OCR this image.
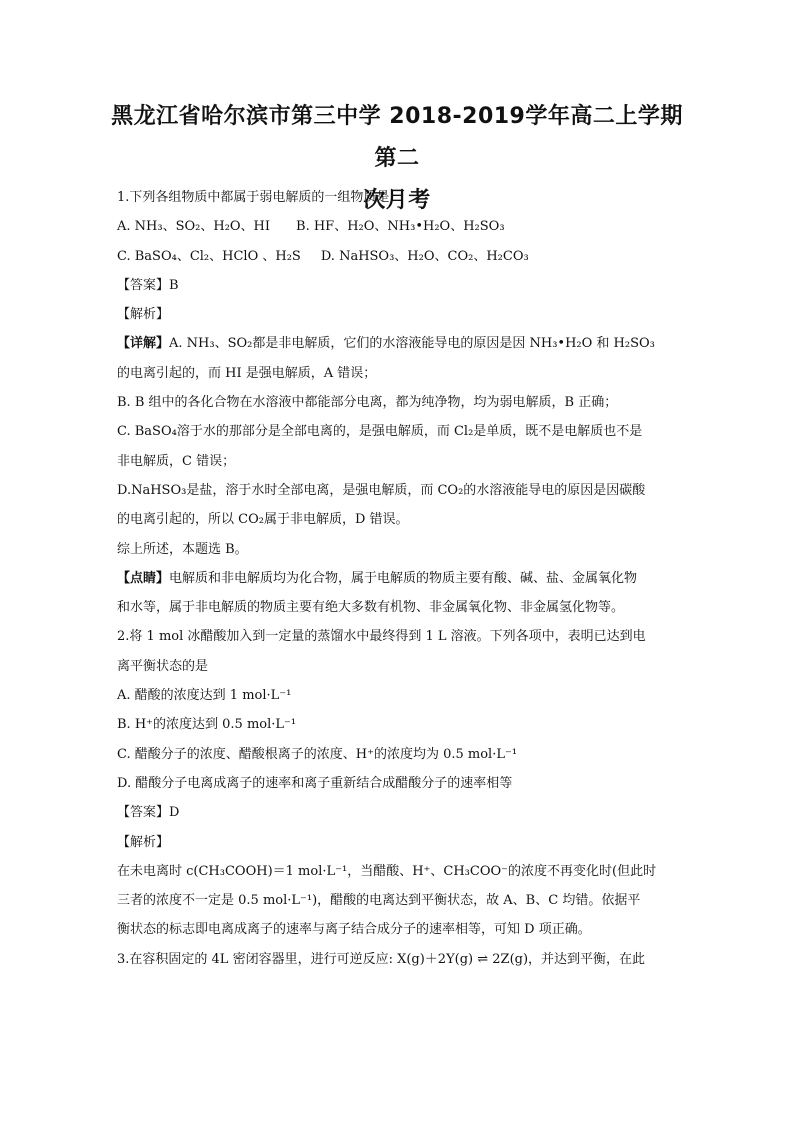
黑龙江省哈尔滨市第三中学 2018-2019学年高二上学期第二
次月考
1.下列各组物质中都属于弱电解质的一组物质是
A. NH₃、SO₂、H₂O、HI B. HF、H₂O、NH₃•H₂O、H₂SO₃
C. BaSO₄、Cl₂、HClO 、H₂S D. NaHSO₃、H₂O、CO₂、H₂CO₃
【答案】B
【解析】
【详解】A. NH₃、SO₂都是非电解质，它们的水溶液能导电的原因是因 NH₃•H₂O 和 H₂SO₃
的电离引起的，而 HI 是强电解质，A 错误；
B. B 组中的各化合物在水溶液中都能部分电离，都为纯净物，均为弱电解质，B 正确；
C. BaSO₄溶于水的那部分是全部电离的，是强电解质，而 Cl₂是单质，既不是电解质也不是
非电解质，C 错误；
D.NaHSO₃是盐，溶于水时全部电离，是强电解质，而 CO₂的水溶液能导电的原因是因碳酸
的电离引起的，所以 CO₂属于非电解质，D 错误。
综上所述，本题选 B。
【点睛】电解质和非电解质均为化合物，属于电解质的物质主要有酸、碱、盐、金属氧化物
和水等，属于非电解质的物质主要有绝大多数有机物、非金属氧化物、非金属氢化物等。
2.将 1 mol 冰醋酸加入到一定量的蒸馏水中最终得到 1 L 溶液。下列各项中，表明已达到电
离平衡状态的是
A. 醋酸的浓度达到 1 mol·L⁻¹
B. H⁺的浓度达到 0.5 mol·L⁻¹
C. 醋酸分子的浓度、醋酸根离子的浓度、H⁺的浓度均为 0.5 mol·L⁻¹
D. 醋酸分子电离成离子的速率和离子重新结合成醋酸分子的速率相等
【答案】D
【解析】
在未电离时 c(CH₃COOH)＝1 mol·L⁻¹，当醋酸、H⁺、CH₃COO⁻的浓度不再变化时(但此时
三者的浓度不一定是 0.5 mol·L⁻¹)，醋酸的电离达到平衡状态，故 A、B、C 均错。依据平
衡状态的标志即电离成离子的速率与离子结合成分子的速率相等，可知 D 项正确。
3.在容积固定的 4L 密闭容器里，进行可逆反应: X(g)＋2Y(g) ⇌ 2Z(g)，并达到平衡，在此
